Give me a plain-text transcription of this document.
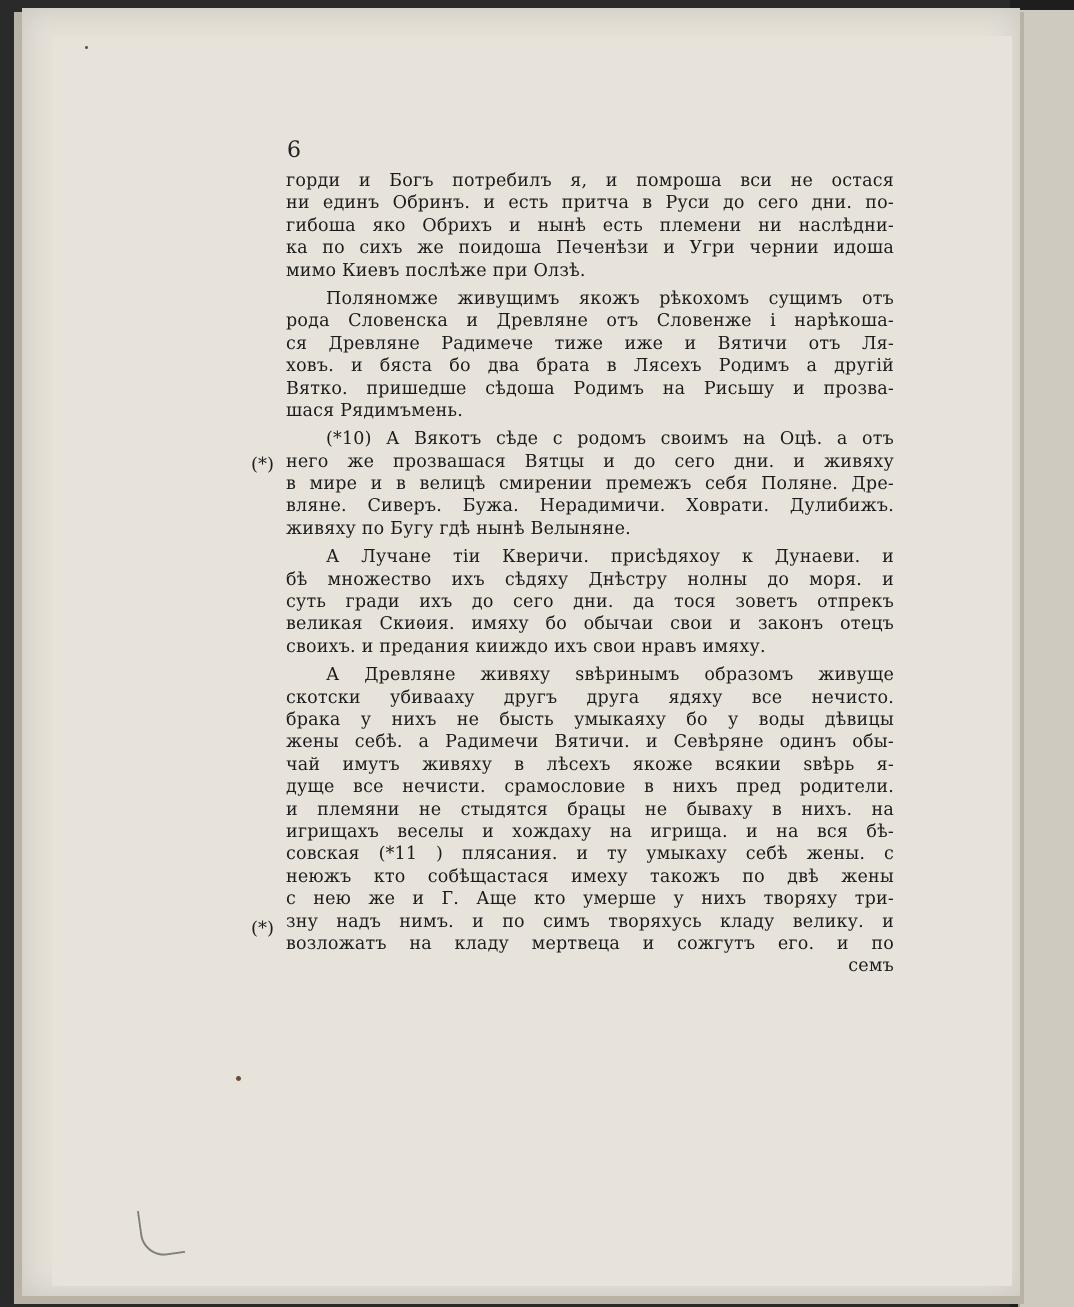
6
(*)
(*)
горди и Богъ потребилъ я, и помроша вси не остася
ни единъ Обринъ. и есть притча в Руси до сего дни. по-
гибоша яко Обрихъ и нынѣ есть племени ни наслѣдни-
ка по сихъ же поидоша Печенѣзи и Угри чернии идоша
мимо Киевъ послѣже при Олзѣ.
Поляномже живущимъ якожъ рѣкохомъ сущимъ отъ
рода Словенска и Древляне отъ Словенже і нарѣкоша-
ся Древляне Радимече тиже иже и Вятичи отъ Ля-
ховъ. и бяста бо два брата в Лясехъ Родимъ а другій
Вятко. пришедше сѣдоша Родимъ на Рисьшу и прозва-
шася Рядимъмень.
(*10) А Вякотъ сѣде с родомъ своимъ на Оцѣ. а отъ
него же прозвашася Вятцы и до сего дни. и живяху
в мире и в велицѣ смирении премежъ себя Поляне. Дре-
вляне. Сиверъ. Бужа. Нерадимичи. Ховрати. Дулибижъ.
живяху по Бугу гдѣ нынѣ Велыняне.
А Лучане тіи Кверичи. присѣдяхоу к Дунаеви. и
бѣ множество ихъ сѣдяху Днѣстру нолны до моря. и
суть гради ихъ до сего дни. да тося зоветъ отпрекъ
великая Скиѳия. имяху бо обычаи свои и законъ отецъ
своихъ. и предания кииждо ихъ свои нравъ имяху.
А Древляне живяху ѕвѣринымъ образомъ живуще
скотски убиваахy другъ друга ядяху все нечисто.
брака у нихъ не бысть умыкаяху бо у воды дѣвицы
жены себѣ. а Радимечи Вятичи. и Севѣряне одинъ обы-
чай имутъ живяху в лѣсехъ якоже всякии ѕвѣрь я-
дуще все нечисти. срамословие в нихъ пред родители.
и племяни не стыдятся брацы не бываху в нихъ. на
игрищахъ веселы и хождаху на игрища. и на вся бѣ-
совская (*11 ) плясания. и ту умыкаху себѣ жены. с
неюжъ кто собѣщастася имеху такожъ по двѣ жены
с нею же и Г. Аще кто умерше у нихъ творяху три-
зну надъ нимъ. и по симъ творяхусь кладу велику. и
возложатъ на кладу мертвеца и сожгутъ его. и по
семъ
